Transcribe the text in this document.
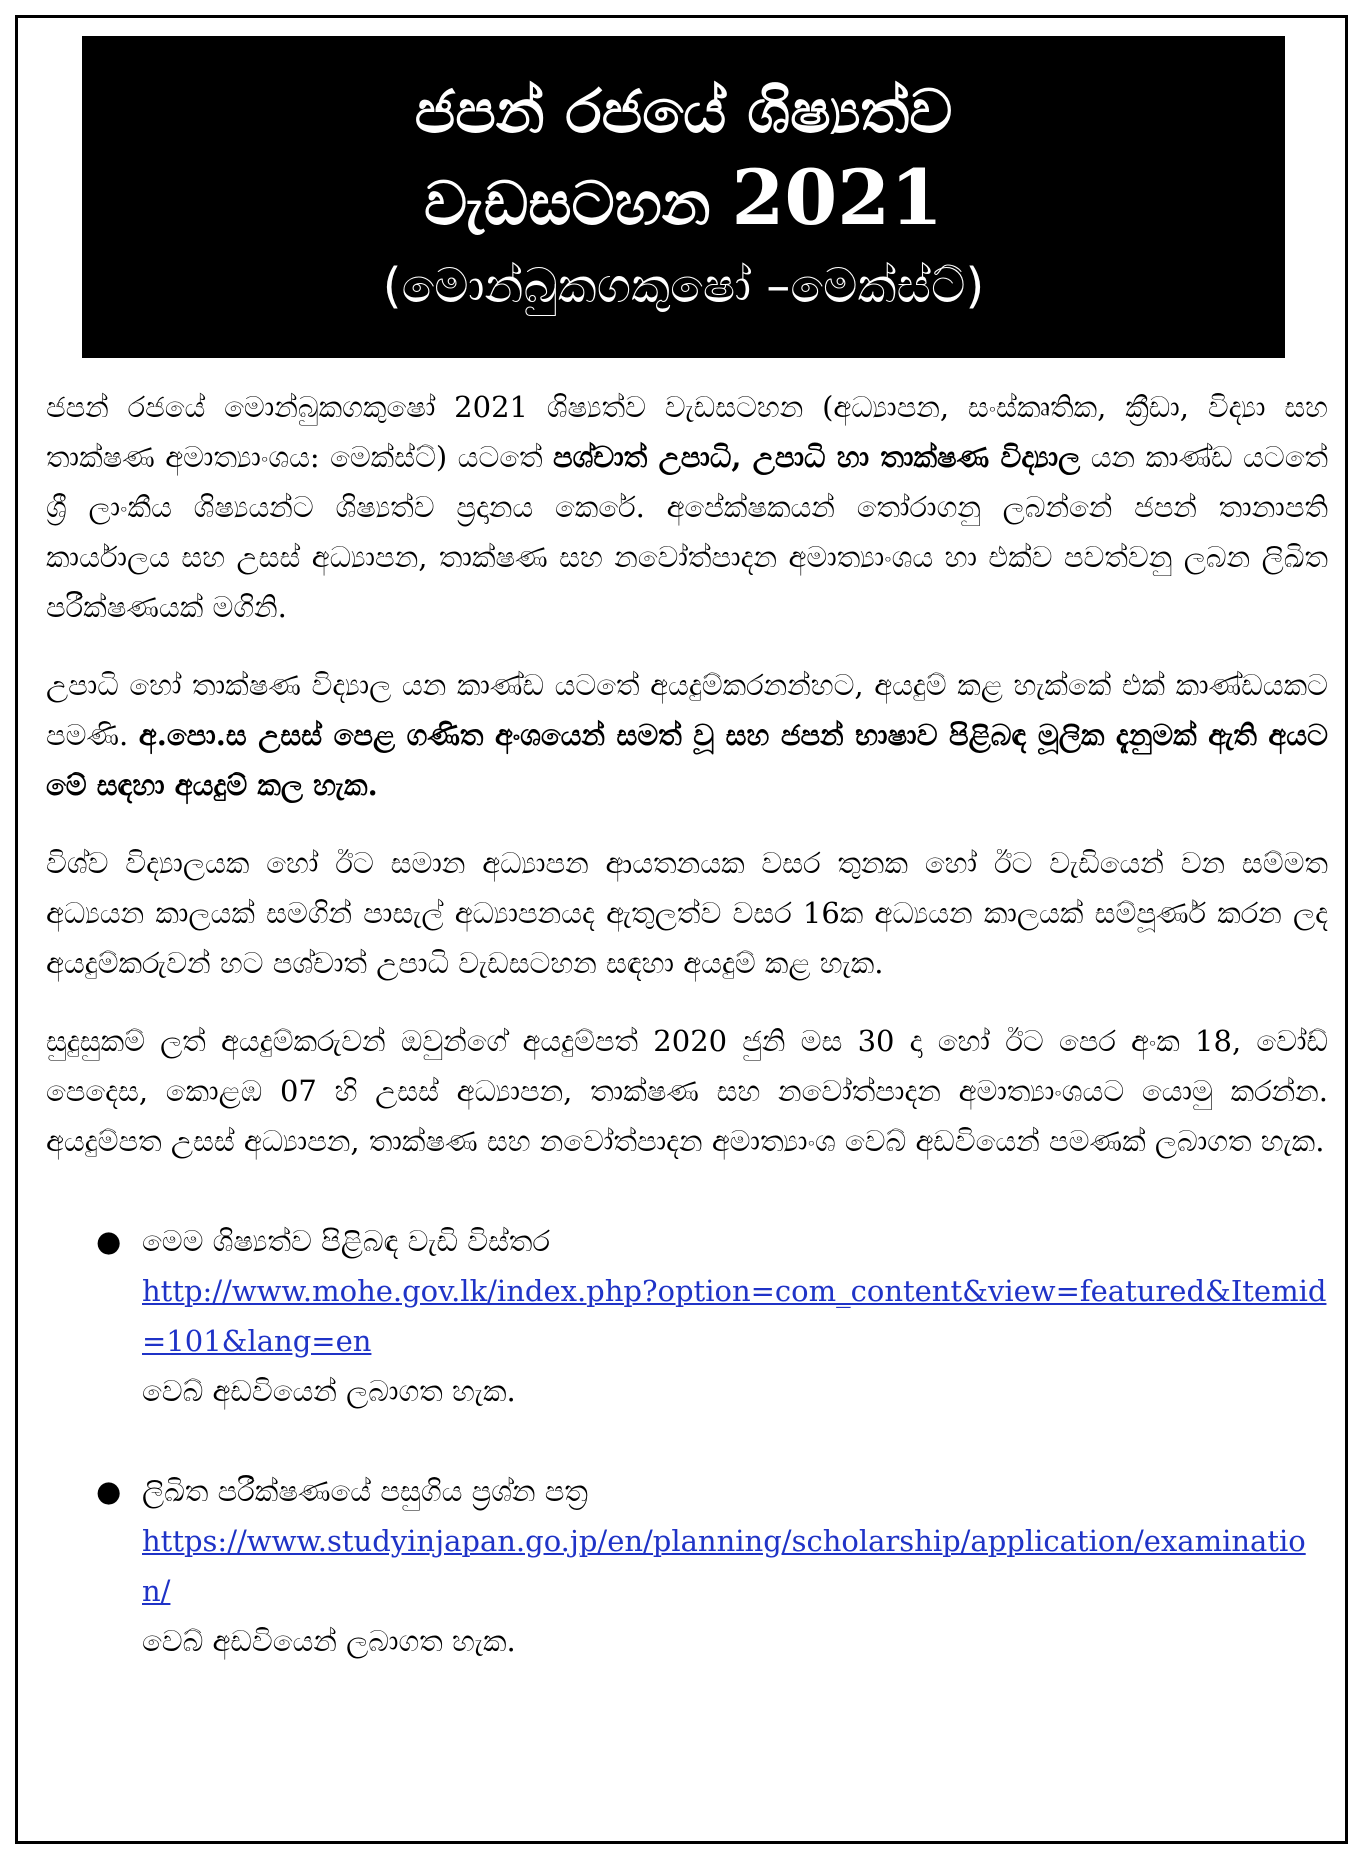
ජපන් රජයේ ශිෂ්‍යත්ව
වැඩසටහන 2021
(මොන්බුකගකුෂෝ –මෙක්ස්ට්)

ජපන් රජයේ මොන්බුකගකුෂෝ 2021 ශිෂ්‍යත්ව වැඩසටහන (අධ්‍යාපන, සංස්කෘතික, ක්‍රීඩා, විද්‍යා සහ තාක්ෂණ අමාත්‍යාංශය: මෙක්ස්ට්) යටතේ පශ්චාත් උපාධි, උපාධි හා තාක්ෂණ විද්‍යාල යන කාණ්ඩ යටතේ ශ්‍රී ලාංකීය ශිෂ්‍යයන්ට ශිෂ්‍යත්ව ප්‍රදානය කෙරේ. අපේක්ෂකයන් තෝරාගනු ලබන්නේ ජපන් තානාපති කාර්යාලය සහ උසස් අධ්‍යාපන, තාක්ෂණ සහ නවෝත්පාදන අමාත්‍යාංශය හා එක්ව පවත්වනු ලබන ලිඛිත පරීක්ෂණයක් මගිනි.

උපාධි හෝ තාක්ෂණ විද්‍යාල යන කාණ්ඩ යටතේ අයදුම්කරනන්හට, අයදුම් කළ හැක්කේ එක් කාණ්ඩයකට පමණි. අ.පො.ස උසස් පෙළ ගණිත අංශයෙන් සමත් වූ සහ ජපන් භාෂාව පිළිබඳ මූලික දැනුමක් ඇති අයට මේ සඳහා අයදුම් කල හැක.

විශ්ව විද්‍යාලයක හෝ ඊට සමාන අධ්‍යාපන ආයතනයක වසර තුනක හෝ ඊට වැඩියෙන් වන සම්මත අධ්‍යයන කාලයක් සමගින් පාසැල් අධ්‍යාපනයද ඇතුලත්ව වසර 16ක අධ්‍යයන කාලයක් සම්පූර්ණ කරන ලද අයදුම්කරුවන් හට පශ්චාත් උපාධි වැඩසටහන සඳහා අයදුම් කළ හැක.

සුදුසුකම් ලත් අයදුම්කරුවන් ඔවුන්ගේ අයදුම්පත් 2020 ජුනි මස 30 දා හෝ ඊට පෙර අංක 18, වෝඩ් පෙදෙස, කොළඹ 07 හි උසස් අධ්‍යාපන, තාක්ෂණ සහ නවෝත්පාදන අමාත්‍යාංශයට යොමු කරන්න. අයදුම්පත උසස් අධ්‍යාපන, තාක්ෂණ සහ නවෝත්පාදන අමාත්‍යාංශ වෙබ් අඩවියෙන් පමණක් ලබාගත හැක.

● මෙම ශිෂ්‍යත්ව පිළිබඳ වැඩි විස්තර
http://www.mohe.gov.lk/index.php?option=com_content&view=featured&Itemid=101&lang=en
වෙබ් අඩවියෙන් ලබාගත හැක.
● ලිඛිත පරීක්ෂණයේ පසුගිය ප්‍රශ්න පත්‍ර
https://www.studyinjapan.go.jp/en/planning/scholarship/application/examination/
වෙබ් අඩවියෙන් ලබාගත හැක.
